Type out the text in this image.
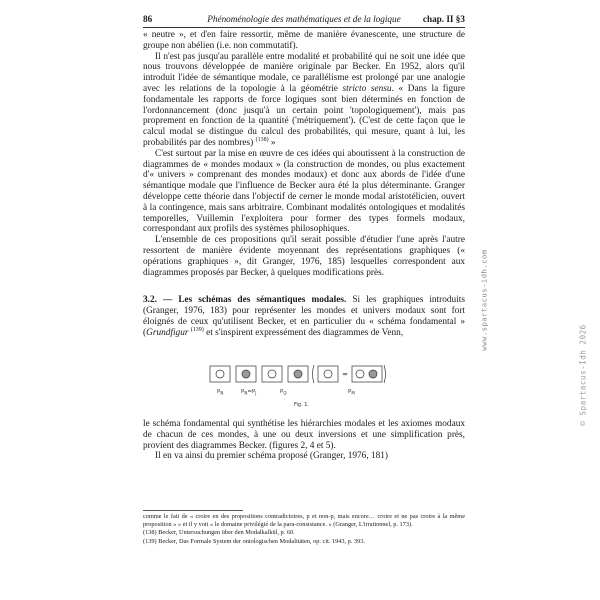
86	Phénoménologie des mathématiques et de la logique	chap. II §3

« neutre », et d'en faire ressortir, même de manière évanescente, une structure de groupe non abélien (i.e. non commutatif).

Il n'est pas jusqu'au parallèle entre modalité et probabilité qui ne soit une idée que nous trouvons développée de manière originale par Becker. En 1952, alors qu'il introduit l'idée de sémantique modale, ce parallélisme est prolongé par une analogie avec les relations de la topologie à la géométrie stricto sensu. « Dans la figure fondamentale les rapports de force logiques sont bien déterminés en fonction de l'ordonnancement (donc jusqu'à un certain point 'topologiquement'), mais pas proprement en fonction de la quantité ('métriquement'). (C'est de cette façon que le calcul modal se distingue du calcul des probabilités, qui mesure, quant à lui, les probabilités par des nombres) $^{(138)}$ »

C'est surtout par la mise en œuvre de ces idées qui aboutissent à la construction de diagrammes de « mondes modaux » (la construction de mondes, ou plus exactement d'« univers » comprenant des mondes modaux) et donc aux abords de l'idée d'une sémantique modale que l'influence de Becker aura été la plus déterminante. Granger développe cette théorie dans l'objectif de cerner le monde modal aristotélicien, ouvert à la contingence, mais sans arbitraire. Combinant modalités ontologiques et modalités temporelles, Vuillemin l'exploitera pour former des types formels modaux, correspondant aux profils des systèmes philosophiques.

L'ensemble de ces propositions qu'il serait possible d'étudier l'une après l'autre ressortent de manière évidente moyennant des représentations graphiques (« opérations graphiques », dit Granger, 1976, 185) lesquelles correspondent aux diagrammes proposés par Becker, à quelques modifications près.

3.2. — Les schémas des sémantiques modales. Si les graphiques introduits (Granger, 1976, 183) pour représenter les mondes et univers modaux sont fort éloignés de ceux qu'utilisent Becker, et en particulier du « schéma fondamental » (Grundfigur $^{(139)}$ et s'inspirent expressément des diagrammes de Venn,

=
$P_N$	$P_N=P_J$	$P_Q$	$P_M$
Fig. 1.

le schéma fondamental qui synthétise les hiérarchies modales et les axiomes modaux de chacun de ces mondes, à une ou deux inversions et une simplification près, provient des diagrammes Becker. (figures 2, 4 et 5).

Il en va ainsi du premier schéma proposé (Granger, 1976, 181)

comme le fait de « croire en des propositions contradictoires, p et non-p, mais encore… croire et ne pas croire à la même proposition » » et il y voit « le domaine privilégié de la para-consistance. » (Granger, L'irrationnel, p. 173).

(138) Becker, Untersuchungen über den Modalkalkül, p. 60.

(139) Becker, Das Formale System der ontologischen Modalitäten, op. cit. 1943, p. 393.

www.spartacus-idh.com
© Spartacus-Idh 2026
